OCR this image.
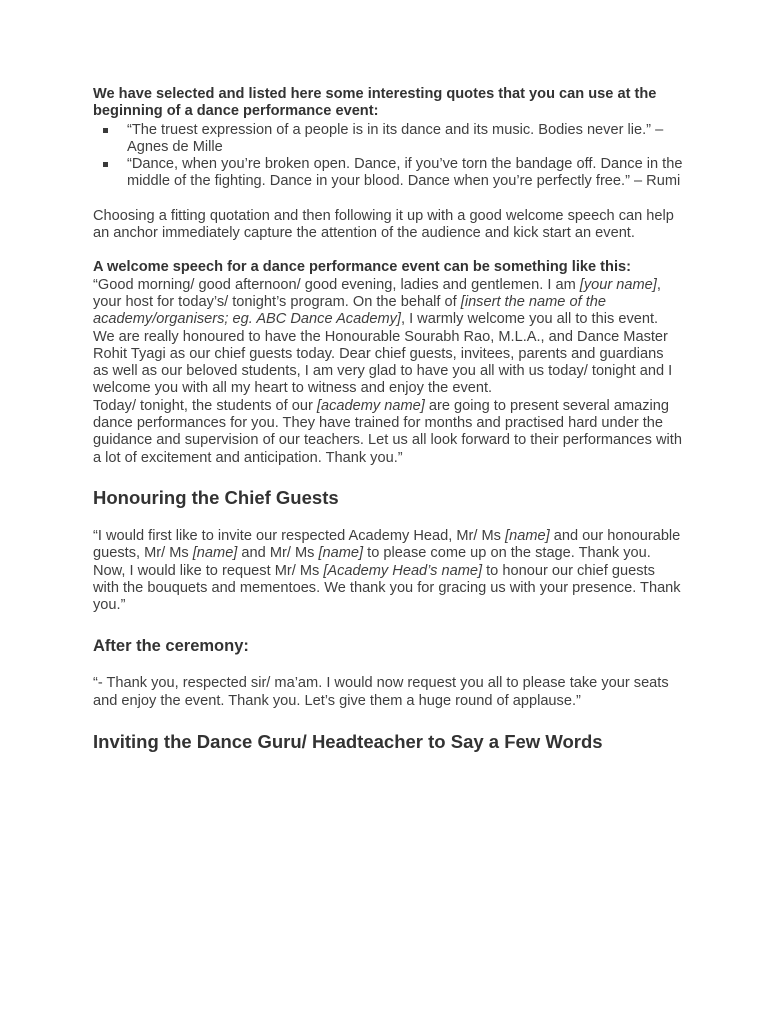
We have selected and listed here some interesting quotes that you can use at the beginning of a dance performance event:

“The truest expression of a people is in its dance and its music. Bodies never lie.” – Agnes de Mille
“Dance, when you’re broken open. Dance, if you’ve torn the bandage off. Dance in the middle of the fighting. Dance in your blood. Dance when you’re perfectly free.” – Rumi

Choosing a fitting quotation and then following it up with a good welcome speech can help an anchor immediately capture the attention of the audience and kick start an event.

A welcome speech for a dance performance event can be something like this:

“Good morning/ good afternoon/ good evening, ladies and gentlemen. I am [your name], your host for today’s/ tonight’s program. On the behalf of [insert the name of the academy/organisers; eg. ABC Dance Academy], I warmly welcome you all to this event. We are really honoured to have the Honourable Sourabh Rao, M.L.A., and Dance Master Rohit Tyagi as our chief guests today. Dear chief guests, invitees, parents and guardians as well as our beloved students, I am very glad to have you all with us today/ tonight and I welcome you with all my heart to witness and enjoy the event.

Today/ tonight, the students of our [academy name] are going to present several amazing dance performances for you. They have trained for months and practised hard under the guidance and supervision of our teachers. Let us all look forward to their performances with a lot of excitement and anticipation. Thank you.”

Honouring the Chief Guests

“I would first like to invite our respected Academy Head, Mr/ Ms [name] and our honourable guests, Mr/ Ms [name] and Mr/ Ms [name] to please come up on the stage. Thank you.

Now, I would like to request Mr/ Ms [Academy Head’s name] to honour our chief guests with the bouquets and mementoes. We thank you for gracing us with your presence. Thank you.”

After the ceremony:

“- Thank you, respected sir/ ma’am. I would now request you all to please take your seats and enjoy the event. Thank you. Let’s give them a huge round of applause.”

Inviting the Dance Guru/ Headteacher to Say a Few Words
